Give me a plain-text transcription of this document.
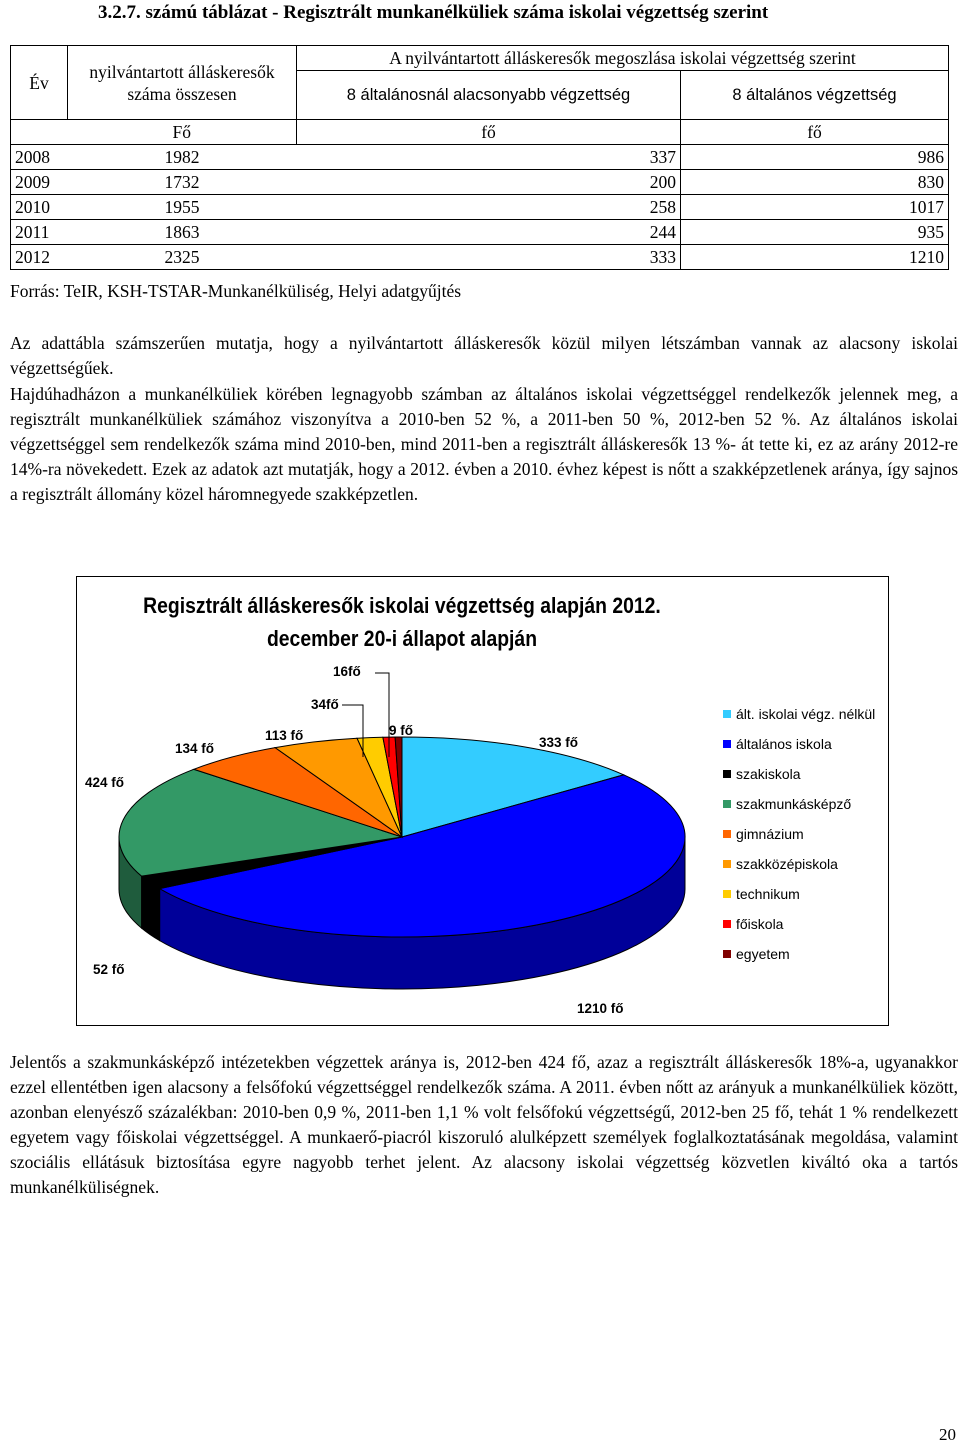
3.2.7. számú táblázat - Regisztrált munkanélküliek száma iskolai végzettség szerint
Év	nyilvántartott álláskeresők száma összesen	A nyilvántartott álláskeresők megoszlása iskolai végzettség szerint	
		8 általánosnál alacsonyabb végzettség	8 általános végzettség
	Fő	fő	fő
2008	1982	337	986
2009	1732	200	830
2010	1955	258	1017
2011	1863	244	935
2012	2325	333	1210
Forrás: TeIR, KSH-TSTAR-Munkanélküliség, Helyi adatgyűjtés

Az adattábla számszerűen mutatja, hogy a nyilvántartott álláskeresők közül milyen létszámban vannak az alacsony iskolai végzettségűek.

Hajdúhadházon a munkanélküliek körében legnagyobb számban az általános iskolai végzettséggel rendelkezők jelennek meg, a regisztrált munkanélküliek számához viszonyítva a 2010-ben 52 %, a 2011-ben 50 %, 2012-ben 52 %. Az általános iskolai végzettséggel sem rendelkezők száma mind 2010-ben, mind 2011-ben a regisztrált álláskeresők 13 %- át tette ki, ez az arány 2012-re 14%-ra növekedett. Ezek az adatok azt mutatják, hogy a 2012. évben a 2010. évhez képest is nőtt a szakképzetlenek aránya, így sajnos a regisztrált állomány közel háromnegyede szakképzetlen.

Regisztrált álláskeresők iskolai végzettség alapján 2012.
december 20-i állapot alapján
333 fő
1210 fő
52 fő
424 fő
134 fő
113 fő
34fő
16fő
9 fő
ált. iskolai végz. nélkül
általános iskola
szakiskola
szakmunkásképző
gimnázium
szakközépiskola
technikum
főiskola
egyetem

Jelentős a szakmunkásképző intézetekben végzettek aránya is, 2012-ben 424 fő, azaz a regisztrált álláskeresők 18%-a, ugyanakkor ezzel ellentétben igen alacsony a felsőfokú végzettséggel rendelkezők száma. A 2011. évben nőtt az arányuk a munkanélküliek között, azonban elenyésző százalékban: 2010-ben 0,9 %, 2011-ben 1,1 % volt felsőfokú végzettségű, 2012-ben 25 fő, tehát 1 % rendelkezett egyetem vagy főiskolai végzettséggel. A munkaerő-piacról kiszoruló alulképzett személyek foglalkoztatásának megoldása, valamint szociális ellátásuk biztosítása egyre nagyobb terhet jelent. Az alacsony iskolai végzettség közvetlen kiváltó oka a tartós munkanélküliségnek.

20
